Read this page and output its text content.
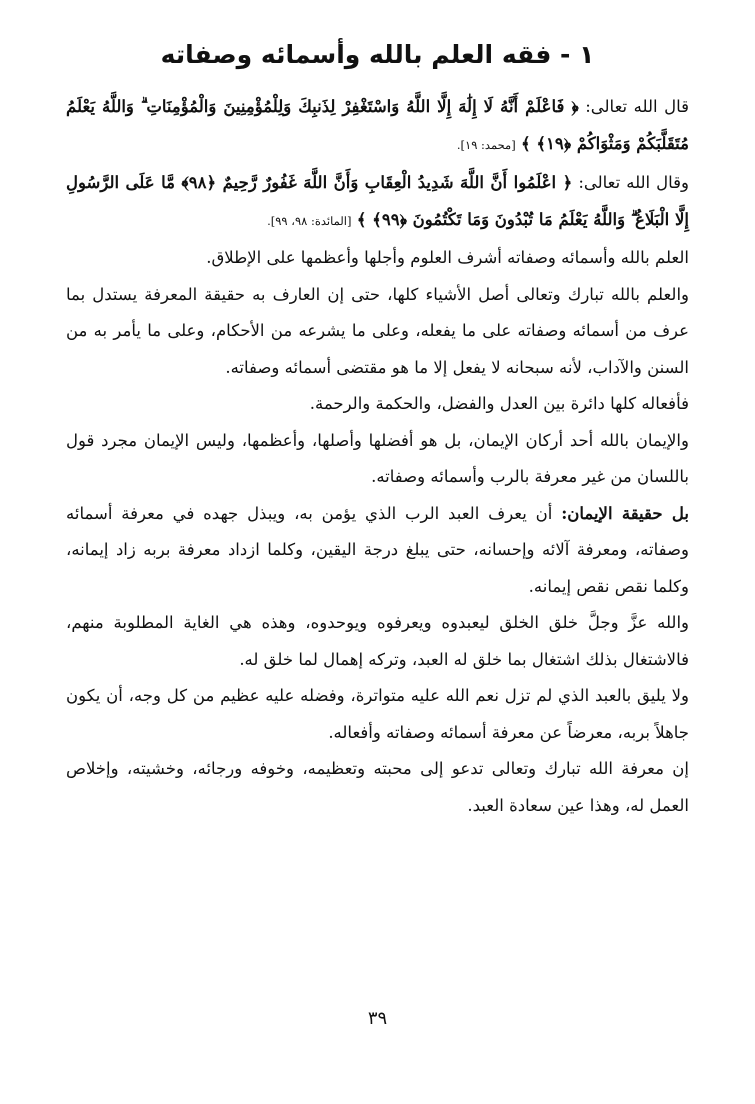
١ - فقه العلم بالله وأسمائه وصفاته

قال الله تعالى: ﴿ فَاعْلَمْ أَنَّهُ لَا إِلَٰهَ إِلَّا اللَّهُ وَاسْتَغْفِرْ لِذَنبِكَ وَلِلْمُؤْمِنِينَ وَالْمُؤْمِنَاتِ ۗ وَاللَّهُ يَعْلَمُ مُتَقَلَّبَكُمْ وَمَثْوَاكُمْ ﴿١٩﴾ ﴾ [محمد: ١٩].

وقال الله تعالى: ﴿ اعْلَمُوا أَنَّ اللَّهَ شَدِيدُ الْعِقَابِ وَأَنَّ اللَّهَ غَفُورٌ رَّحِيمٌ ﴿٩٨﴾ مَّا عَلَى الرَّسُولِ إِلَّا الْبَلَاغُ ۗ وَاللَّهُ يَعْلَمُ مَا تُبْدُونَ وَمَا تَكْتُمُونَ ﴿٩٩﴾ ﴾ [المائدة: ٩٨، ٩٩].

العلم بالله وأسمائه وصفاته أشرف العلوم وأجلها وأعظمها على الإطلاق.

والعلم بالله تبارك وتعالى أصل الأشياء كلها، حتى إن العارف به حقيقة المعرفة يستدل بما عرف من أسمائه وصفاته على ما يفعله، وعلى ما يشرعه من الأحكام، وعلى ما يأمر به من السنن والآداب، لأنه سبحانه لا يفعل إلا ما هو مقتضى أسمائه وصفاته.

فأفعاله كلها دائرة بين العدل والفضل، والحكمة والرحمة.

والإيمان بالله أحد أركان الإيمان، بل هو أفضلها وأصلها، وأعظمها، وليس الإيمان مجرد قول باللسان من غير معرفة بالرب وأسمائه وصفاته.

بل حقيقة الإيمان: أن يعرف العبد الرب الذي يؤمن به، ويبذل جهده في معرفة أسمائه وصفاته، ومعرفة آلائه وإحسانه، حتى يبلغ درجة اليقين، وكلما ازداد معرفة بربه زاد إيمانه، وكلما نقص نقص إيمانه.

والله عزَّ وجلَّ خلق الخلق ليعبدوه ويعرفوه ويوحدوه، وهذه هي الغاية المطلوبة منهم، فالاشتغال بذلك اشتغال بما خلق له العبد، وتركه إهمال لما خلق له.

ولا يليق بالعبد الذي لم تزل نعم الله عليه متواترة، وفضله عليه عظيم من كل وجه، أن يكون جاهلاً بربه، معرضاً عن معرفة أسمائه وصفاته وأفعاله.

إن معرفة الله تبارك وتعالى تدعو إلى محبته وتعظيمه، وخوفه ورجائه، وخشيته، وإخلاص العمل له، وهذا عين سعادة العبد.

٣٩
